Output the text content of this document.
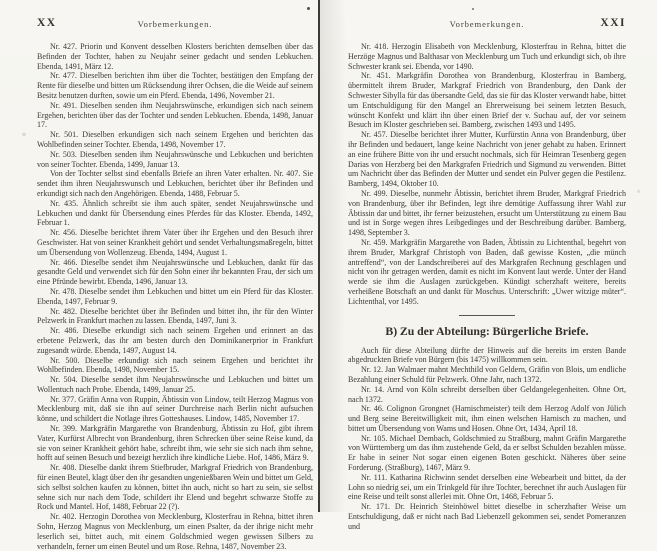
XX	Vorbemerkungen.

Nr. 427. Priorin und Konvent desselben Klosters berichten demselben über das Befinden der Tochter, haben zu Neujahr seiner gedacht und senden Lebkuchen. Ebenda, 1491, März 12.

Nr. 477. Dieselben berichten ihm über die Tochter, bestätigen den Empfang der Rente für dieselbe und bitten um Rücksendung ihrer Ochsen, die die Weide auf seinem Besitz benutzen durften, sowie um ein Pferd. Ebenda, 1496, November 21.

Nr. 491. Dieselben senden ihm Neujahrswünsche, erkundigen sich nach seinem Ergehen, berichten über das der Tochter und senden Lebkuchen. Ebenda, 1498, Januar 17.

Nr. 501. Dieselben erkundigen sich nach seinem Ergehen und berichten das Wohlbefinden seiner Tochter. Ebenda, 1498, November 17.

Nr. 503. Dieselben senden ihm Neujahrswünsche und Lebkuchen und berichten von seiner Tochter. Ebenda, 1499, Januar 13.

Von der Tochter selbst sind ebenfalls Briefe an ihren Vater erhalten. Nr. 407. Sie sendet ihm ihren Neujahrswunsch und Lebkuchen, berichtet über ihr Befinden und erkundigt sich nach den Angehörigen. Ebenda, 1488, Februar 5.

Nr. 435. Ähnlich schreibt sie ihm auch später, sendet Neujahrswünsche und Lebkuchen und dankt für Übersendung eines Pferdes für das Kloster. Ebenda, 1492, Februar 1.

Nr. 456. Dieselbe berichtet ihrem Vater über ihr Ergehen und den Besuch ihrer Geschwister. Hat von seiner Krankheit gehört und sendet Verhaltungsmaßregeln, bittet um Übersendung von Wollenzeug. Ebenda, 1494, August 1.

Nr. 466. Dieselbe sendet ihm Neujahrswünsche und Lebkuchen, dankt für das gesandte Geld und verwendet sich für den Sohn einer ihr bekannten Frau, der sich um eine Pfründe bewirbt. Ebenda, 1496, Januar 13.

Nr. 478. Dieselbe sendet ihm Lebkuchen und bittet um ein Pferd für das Kloster. Ebenda, 1497, Februar 9.

Nr. 482. Dieselbe berichtet über ihr Befinden und bittet ihn, ihr für den Winter Pelzwerk in Frankfurt machen zu lassen. Ebenda, 1497, Juni 3.

Nr. 486. Dieselbe erkundigt sich nach seinem Ergehen und erinnert an das erbetene Pelzwerk, das ihr am besten durch den Dominikanerprior in Frankfurt zugesandt würde. Ebenda, 1497, August 14.

Nr. 500. Dieselbe erkundigt sich nach seinem Ergehen und berichtet ihr Wohlbefinden. Ebenda, 1498, November 15.

Nr. 504. Dieselbe sendet ihm Neujahrswünsche und Lebkuchen und bittet um Wollentuch nach Probe. Ebenda, 1499, Januar 25.

Nr. 377. Gräfin Anna von Ruppin, Äbtissin von Lindow, teilt Herzog Magnus von Mecklenburg mit, daß sie ihn auf seiner Durchreise nach Berlin nicht aufsuchen könne, und schildert die Notlage ihres Gotteshauses. Lindow, 1485, November 17.

Nr. 399. Markgräfin Margarethe von Brandenburg, Äbtissin zu Hof, gibt ihrem Vater, Kurfürst Albrecht von Brandenburg, ihren Schrecken über seine Reise kund, da sie von seiner Krankheit gehört habe, schreibt ihm, wie sehr sie sich nach ihm sehne, hofft auf seinen Besuch und bezeigt herzlich ihre kindliche Liebe. Hof, 1486, März 9.

Nr. 408. Dieselbe dankt ihrem Stiefbruder, Markgraf Friedrich von Brandenburg, für einen Beutel, klagt über den ihr gesandten ungenießbaren Wein und bittet um Geld, sich selbst solchen kaufen zu können, bittet ihn auch, nicht so hart zu sein, sie selbst sehne sich nur nach dem Tode, schildert ihr Elend und begehrt schwarze Stoffe zu Rock und Mantel. Hof, 1488, Februar 22 (?).

Nr. 402. Herzogin Dorothea von Mecklenburg, Klosterfrau in Rehna, bittet ihren Sohn, Herzog Magnus von Mecklenburg, um einen Psalter, da der ihrige nicht mehr leserlich sei, bittet auch, mit einem Goldschmied wegen gewissen Silbers zu verhandeln, ferner um einen Beutel und um Rose. Rehna, 1487, November 23.

Vorbemerkungen.	XXI

Nr. 418. Herzogin Elisabeth von Mecklenburg, Klosterfrau in Rehna, bittet die Herzöge Magnus und Balthasar von Mecklenburg um Tuch und erkundigt sich, ob ihre Schwester krank sei. Ebenda, vor 1490.

Nr. 451. Markgräfin Dorothea von Brandenburg, Klosterfrau in Bamberg, übermittelt ihrem Bruder, Markgraf Friedrich von Brandenburg, den Dank der Schwester Sibylla für das übersandte Geld, das sie für das Kloster verwandt habe, bittet um Entschuldigung für den Mangel an Ehrerweisung bei seinem letzten Besuch, wünscht Konfekt und klärt ihn über einen Brief der v. Suchau auf, der vor seinem Besuch im Kloster geschrieben sei. Bamberg, zwischen 1493 und 1495.

Nr. 457. Dieselbe berichtet ihrer Mutter, Kurfürstin Anna von Brandenburg, über ihr Befinden und bedauert, lange keine Nachricht von jener gehabt zu haben. Erinnert an eine frühere Bitte von ihr und ersucht nochmals, sich für Heimran Tesenberg gegen Darias von Herzberg bei den Markgrafen Friedrich und Sigmund zu verwenden. Bittet um Nachricht über das Befinden der Mutter und sendet ein Pulver gegen die Pestilenz. Bamberg, 1494, Oktober 10.

Nr. 499. Dieselbe, nunmehr Äbtissin, berichtet ihrem Bruder, Markgraf Friedrich von Brandenburg, über ihr Befinden, legt ihre demütige Auffassung ihrer Wahl zur Äbtissin dar und bittet, ihr ferner beizustehen, ersucht um Unterstützung zu einem Bau und ist in Sorge wegen ihres Leibgedinges und der Beschreibung darüber. Bamberg, 1498, September 3.

Nr. 459. Markgräfin Margarethe von Baden, Äbtissin zu Lichtenthal, begehrt von ihrem Bruder, Markgraf Christoph von Baden, daß gewisse Kosten, „die münch antreffend“, von der Landschreiberei auf des Markgrafen Rechnung geschlagen und nicht von ihr getragen werden, damit es nicht im Konvent laut werde. Unter der Hand werde sie ihm die Auslagen zurückgeben. Kündigt scherzhaft weitere, bereits verheißene Botschaft an und dankt für Moschus. Unterschrift: „Uwer witzige müter“. Lichtenthal, vor 1495.

B) Zu der Abteilung: Bürgerliche Briefe.

Auch für diese Abteilung dürfte der Hinweis auf die bereits im ersten Bande abgedruckten Briefe von Bürgern (bis 1475) willkommen sein.

Nr. 12. Jan Walmaer mahnt Mechthild von Geldern, Gräfin von Blois, um endliche Bezahlung einer Schuld für Pelzwerk. Ohne Jahr, nach 1372.

Nr. 14. Arnd von Köln schreibt derselben über Geldangelegenheiten. Ohne Ort, nach 1372.

Nr. 46. Colignon Grongnet (Harnischmeister) teilt dem Herzog Adolf von Jülich und Berg seine Bereitwilligkeit mit, ihm einen welschen Harnisch zu machen, und bittet um Übersendung von Wams und Hosen. Ohne Ort, 1434, April 18.

Nr. 105. Michael Dembach, Goldschmied zu Straßburg, mahnt Gräfin Margarethe von Württemberg um das ihm zustehende Geld, da er selbst Schulden bezahlen müsse. Er habe in seiner Not sogar einen eigenen Boten geschickt. Näheres über seine Forderung. (Straßburg), 1467, März 9.

Nr. 111. Katharina Richwinn sendet derselben eine Webearbeit und bittet, da der Lohn so niedrig sei, um ein Trinkgeld für ihre Tochter, berechnet ihr auch Auslagen für eine Reise und teilt sonst allerlei mit. Ohne Ort, 1468, Februar 5.

Nr. 171. Dr. Heinrich Steinhöwel bittet dieselbe in scherzhafter Weise um Entschuldigung, daß er nicht nach Bad Liebenzell gekommen sei, sendet Pomeranzen und
